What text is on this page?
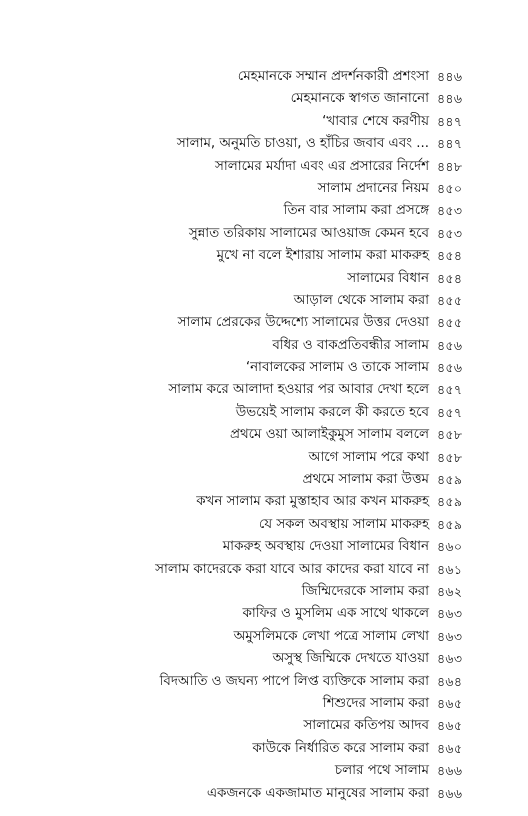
মেহমানকে সম্মান প্রদর্শনকারী প্রশংসা ৪৪৬
মেহমানকে স্বাগত জানানো ৪৪৬
‘খাবার শেষে করণীয় ৪৪৭
সালাম, অনুমতি চাওয়া, ও হাঁচির জবাব এবং ... ৪৪৭
সালামের মর্যাদা এবং এর প্রসারের নির্দেশ ৪৪৮
সালাম প্রদানের নিয়ম ৪৫০
তিন বার সালাম করা প্রসঙ্গে ৪৫৩
সুন্নাত তরিকায় সালামের আওয়াজ কেমন হবে ৪৫৩
মুখে না বলে ইশারায় সালাম করা মাকরুহ ৪৫৪
সালামের বিধান ৪৫৪
আড়াল থেকে সালাম করা ৪৫৫
সালাম প্রেরকের উদ্দেশ্যে সালামের উত্তর দেওয়া ৪৫৫
বধির ও বাকপ্রতিবন্ধীর সালাম ৪৫৬
‘নাবালকের সালাম ও তাকে সালাম ৪৫৬
সালাম করে আলাদা হওয়ার পর আবার দেখা হলে ৪৫৭
উভয়েই সালাম করলে কী করতে হবে ৪৫৭
প্রথমে ওয়া আলাইকুমুস সালাম বললে ৪৫৮
আগে সালাম পরে কথা ৪৫৮
প্রথমে সালাম করা উত্তম ৪৫৯
কখন সালাম করা মুস্তাহাব আর কখন মাকরুহ ৪৫৯
যে সকল অবস্থায় সালাম মাকরুহ ৪৫৯
মাকরুহ অবস্থায় দেওয়া সালামের বিধান ৪৬০
সালাম কাদেরকে করা যাবে আর কাদের করা যাবে না ৪৬১
জিম্মিদেরকে সালাম করা ৪৬২
কাফির ও মুসলিম এক সাথে থাকলে ৪৬৩
অমুসলিমকে লেখা পত্রে সালাম লেখা ৪৬৩
অসুস্থ জিম্মিকে দেখতে যাওয়া ৪৬৩
বিদআতি ও জঘন্য পাপে লিপ্ত ব্যক্তিকে সালাম করা ৪৬৪
শিশুদের সালাম করা ৪৬৫
সালামের কতিপয় আদব ৪৬৫
কাউকে নির্ধারিত করে সালাম করা ৪৬৫
চলার পথে সালাম ৪৬৬
একজনকে একজামাত মানুষের সালাম করা ৪৬৬
